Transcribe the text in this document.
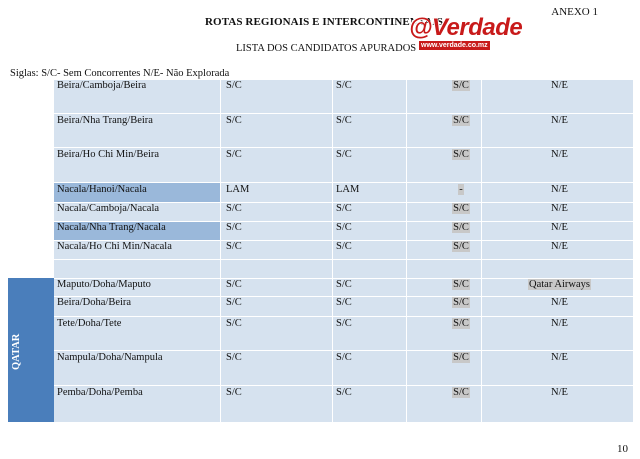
ANEXO 1
ROTAS REGIONAIS E INTERCONTINENTAIS
@Verdade
www.verdade.co.mz
LISTA DOS CANDIDATOS APURADOS
Siglas: S/C- Sem Concorrentes N/E- Não Explorada
QATAR
Beira/Camboja/Beira	S/C	S/C	S/C	N/E
Beira/Nha Trang/Beira	S/C	S/C	S/C	N/E
Beira/Ho Chi Min/Beira	S/C	S/C	S/C	N/E
Nacala/Hanoi/Nacala	LAM	LAM	-	N/E
Nacala/Camboja/Nacala	S/C	S/C	S/C	N/E
Nacala/Nha Trang/Nacala	S/C	S/C	S/C	N/E
Nacala/Ho Chi Min/Nacala	S/C	S/C	S/C	N/E
Maputo/Doha/Maputo	S/C	S/C	S/C	Qatar Airways
Beira/Doha/Beira	S/C	S/C	S/C	N/E
Tete/Doha/Tete	S/C	S/C	S/C	N/E
Nampula/Doha/Nampula	S/C	S/C	S/C	N/E
Pemba/Doha/Pemba	S/C	S/C	S/C	N/E
10
